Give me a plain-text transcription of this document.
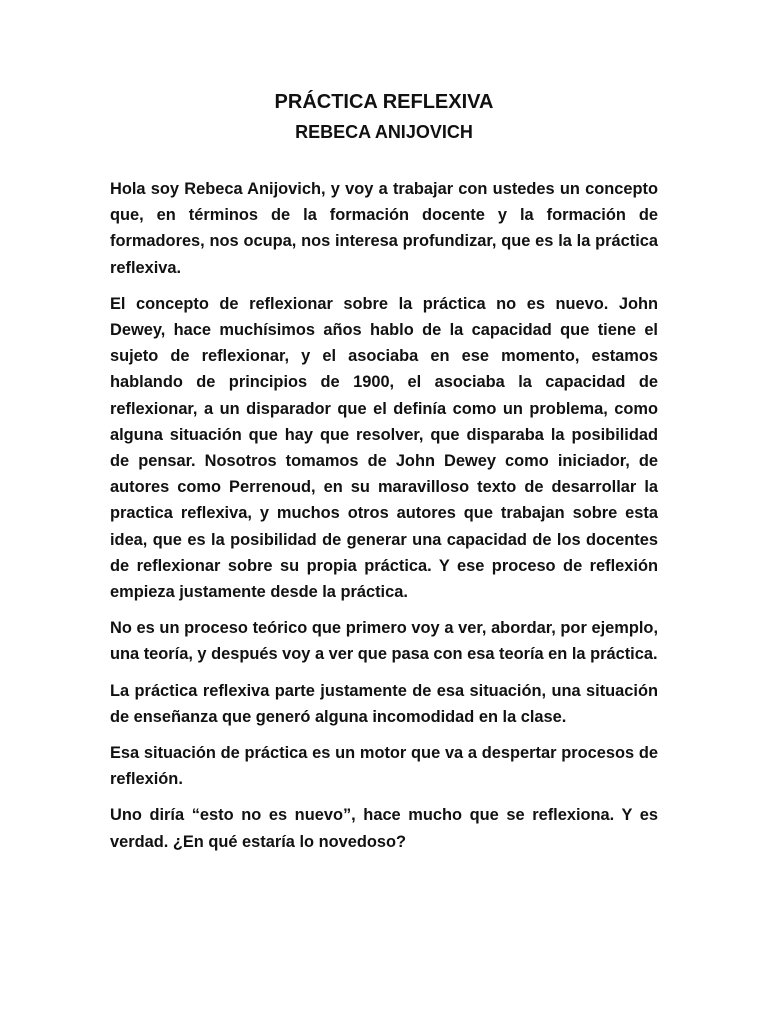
PRÁCTICA REFLEXIVA
REBECA ANIJOVICH

Hola soy Rebeca Anijovich, y voy a trabajar con ustedes un concepto que, en términos de la formación docente y la formación de formadores, nos ocupa, nos interesa profundizar, que es la la práctica reflexiva.

El concepto de reflexionar sobre la práctica no es nuevo. John Dewey, hace muchísimos años hablo de la capacidad que tiene el sujeto de reflexionar, y el asociaba en ese momento, estamos hablando de principios de 1900, el asociaba la capacidad de reflexionar, a un disparador que el definía como un problema, como alguna situación que hay que resolver, que disparaba la posibilidad de pensar. Nosotros tomamos de John Dewey como iniciador, de autores como Perrenoud, en su maravilloso texto de desarrollar la practica reflexiva, y muchos otros autores que trabajan sobre esta idea, que es la posibilidad de generar una capacidad de los docentes de reflexionar sobre su propia práctica. Y ese proceso de reflexión empieza justamente desde la práctica.

No es un proceso teórico que primero voy a ver, abordar, por ejemplo, una teoría, y después voy a ver que pasa con esa teoría en la práctica.

La práctica reflexiva parte justamente de esa situación, una situación de enseñanza que generó alguna incomodidad en la clase.

Esa situación de práctica es un motor que va a despertar procesos de reflexión.

Uno diría “esto no es nuevo”, hace mucho que se reflexiona. Y es verdad. ¿En qué estaría lo novedoso?
